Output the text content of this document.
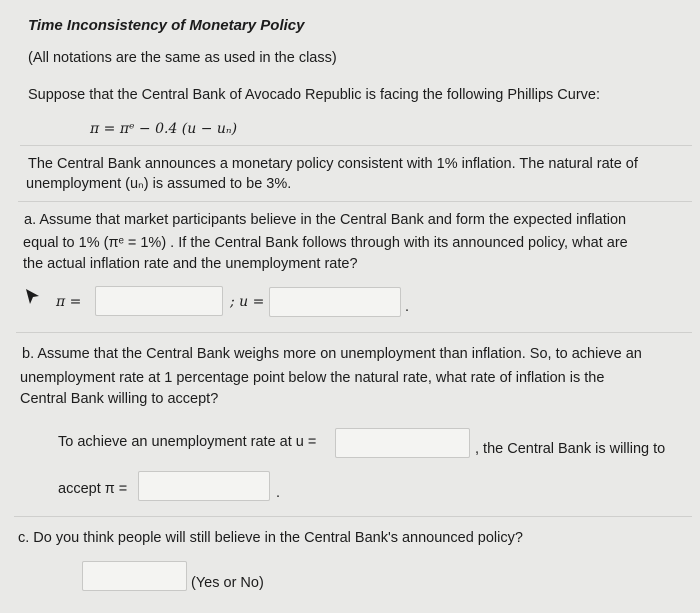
Time Inconsistency of Monetary Policy
(All notations are the same as used in the class)
Suppose that the Central Bank of Avocado Republic is facing the following Phillips Curve:
π = πᵉ − 0.4 (u − uₙ)
The Central Bank announces a monetary policy consistent with 1% inflation. The natural rate of
unemployment (uₙ) is assumed to be 3%.
a. Assume that market participants believe in the Central Bank and form the expected inflation
equal to 1% (πᵉ = 1%) . If the Central Bank follows through with its announced policy, what are
the actual inflation rate and the unemployment rate?
π =	; u =	.
b. Assume that the Central Bank weighs more on unemployment than inflation. So, to achieve an
unemployment rate at 1 percentage point below the natural rate, what rate of inflation is the
Central Bank willing to accept?
To achieve an unemployment rate at u =	, the Central Bank is willing to
accept π =	.
c. Do you think people will still believe in the Central Bank's announced policy?
(Yes or No)
